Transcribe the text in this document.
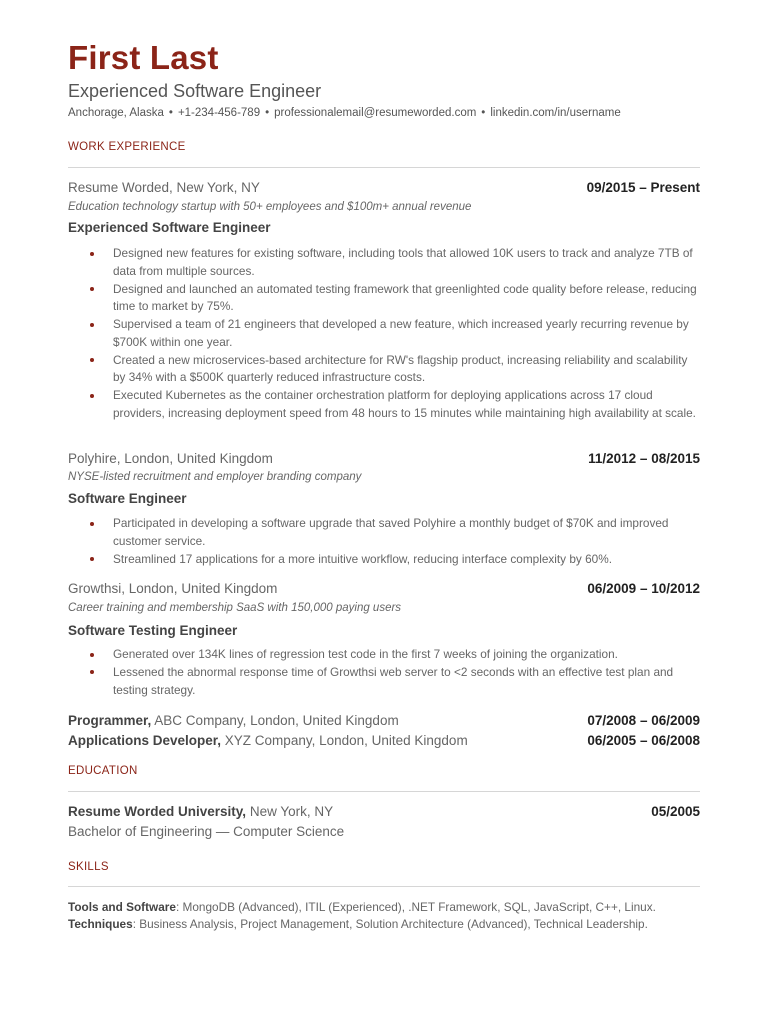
First Last
Experienced Software Engineer
Anchorage, Alaska • +1-234-456-789 • professionalemail@resumeworded.com • linkedin.com/in/username
WORK EXPERIENCE
Resume Worded, New York, NY	09/2015 – Present
Education technology startup with 50+ employees and $100m+ annual revenue
Experienced Software Engineer
Designed new features for existing software, including tools that allowed 10K users to track and analyze 7TB of data from multiple sources.
Designed and launched an automated testing framework that greenlighted code quality before release, reducing time to market by 75%.
Supervised a team of 21 engineers that developed a new feature, which increased yearly recurring revenue by $700K within one year.
Created a new microservices-based architecture for RW's flagship product, increasing reliability and scalability by 34% with a $500K quarterly reduced infrastructure costs.
Executed Kubernetes as the container orchestration platform for deploying applications across 17 cloud providers, increasing deployment speed from 48 hours to 15 minutes while maintaining high availability at scale.
Polyhire, London, United Kingdom	11/2012 – 08/2015
NYSE-listed recruitment and employer branding company
Software Engineer
Participated in developing a software upgrade that saved Polyhire a monthly budget of $70K and improved customer service.
Streamlined 17 applications for a more intuitive workflow, reducing interface complexity by 60%.
Growthsi, London, United Kingdom	06/2009 – 10/2012
Career training and membership SaaS with 150,000 paying users
Software Testing Engineer
Generated over 134K lines of regression test code in the first 7 weeks of joining the organization.
Lessened the abnormal response time of Growthsi web server to <2 seconds with an effective test plan and testing strategy.
Programmer, ABC Company, London, United Kingdom	07/2008 – 06/2009
Applications Developer, XYZ Company, London, United Kingdom	06/2005 – 06/2008
EDUCATION
Resume Worded University, New York, NY	05/2005
Bachelor of Engineering — Computer Science
SKILLS
Tools and Software: MongoDB (Advanced), ITIL (Experienced), .NET Framework, SQL, JavaScript, C++, Linux.
Techniques: Business Analysis, Project Management, Solution Architecture (Advanced), Technical Leadership.
